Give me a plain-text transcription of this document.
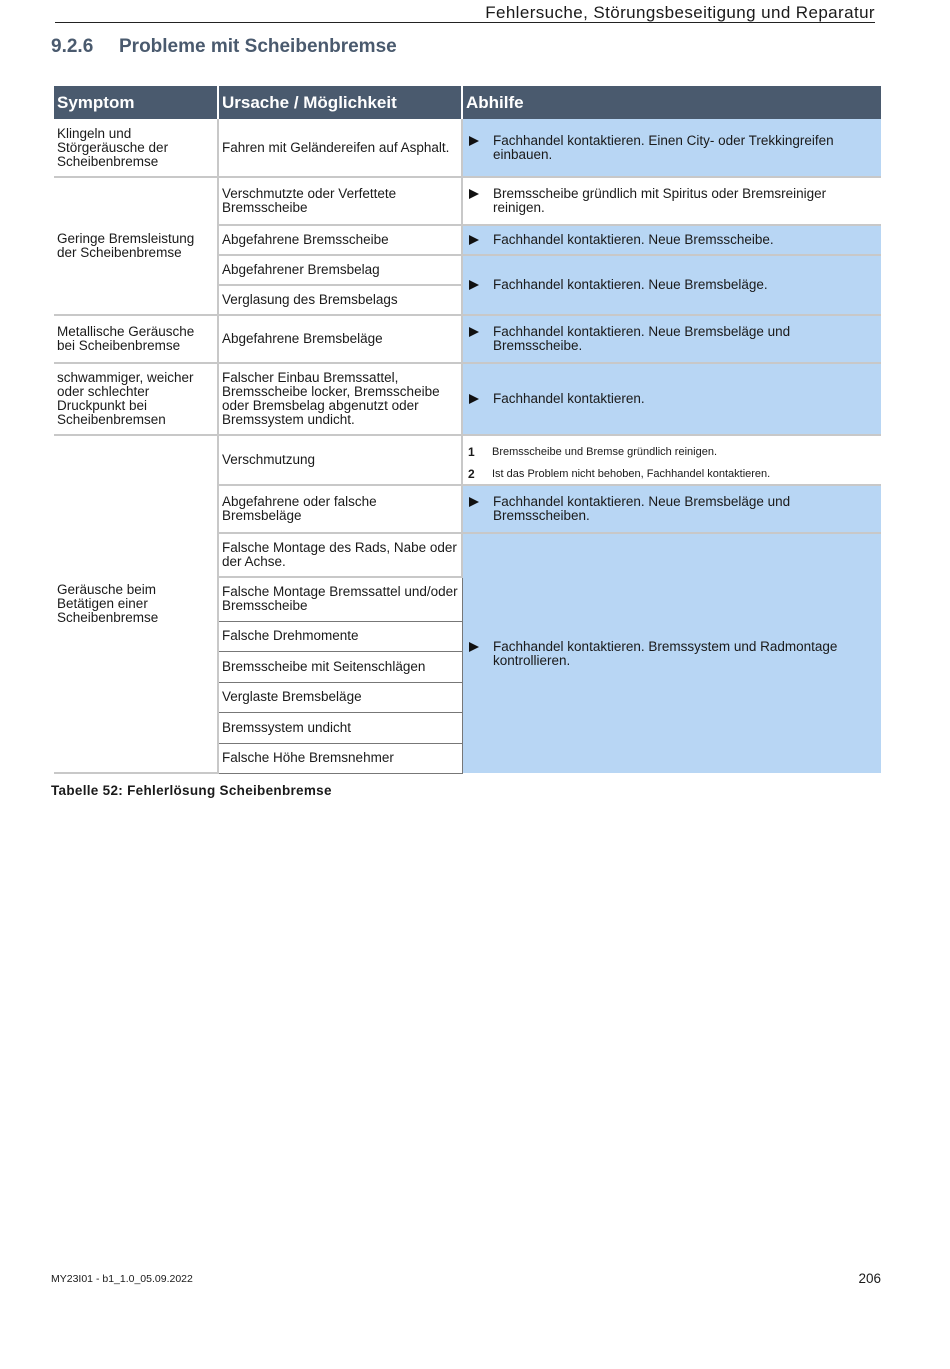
Fehlersuche, Störungsbeseitigung und Reparatur
9.2.6 Probleme mit Scheibenbremse
Symptom	Ursache / Möglichkeit	Abhilfe
Klingeln und Störgeräusche der Scheibenbremse	Fahren mit Geländereifen auf Asphalt.	Fachhandel kontaktieren. Einen City- oder Trekkingreifen einbauen.

Geringe Bremsleistung der Scheibenbremse	Verschmutzte oder Verfettete Bremsscheibe	Bremsscheibe gründlich mit Spiritus oder Bremsreiniger reinigen.

	Abgefahrene Bremsscheibe	Fachhandel kontaktieren. Neue Bremsscheibe.

	Abgefahrener Bremsbelag	Fachhandel kontaktieren. Neue Bremsbeläge.

	Verglasung des Bremsbelags	
Metallische Geräusche bei Scheibenbremse	Abgefahrene Bremsbeläge	Fachhandel kontaktieren. Neue Bremsbeläge und Bremsscheibe.

schwammiger, weicher oder schlechter Druckpunkt bei Scheibenbremsen	Falscher Einbau Bremssattel, Bremsscheibe locker, Bremsscheibe oder Bremsbelag abgenutzt oder Bremssystem undicht.	Fachhandel kontaktieren.

Geräusche beim Betätigen einer Scheibenbremse	Verschmutzung	1 Bremsscheibe und Bremse gründlich reinigen.
2 Ist das Problem nicht behoben, Fachhandel kontaktieren.

	Abgefahrene oder falsche Bremsbeläge	Fachhandel kontaktieren. Neue Bremsbeläge und Bremsscheiben.

	Falsche Montage des Rads, Nabe oder der Achse.	Fachhandel kontaktieren. Bremssystem und Radmontage kontrollieren.

	Falsche Montage Bremssattel und/oder Bremsscheibe	
	Falsche Drehmomente	
	Bremsscheibe mit Seitenschlägen	
	Verglaste Bremsbeläge	
	Bremssystem undicht	
	Falsche Höhe Bremsnehmer	
Tabelle 52: Fehlerlösung Scheibenbremse
MY23I01 - b1_1.0_05.09.2022	206
